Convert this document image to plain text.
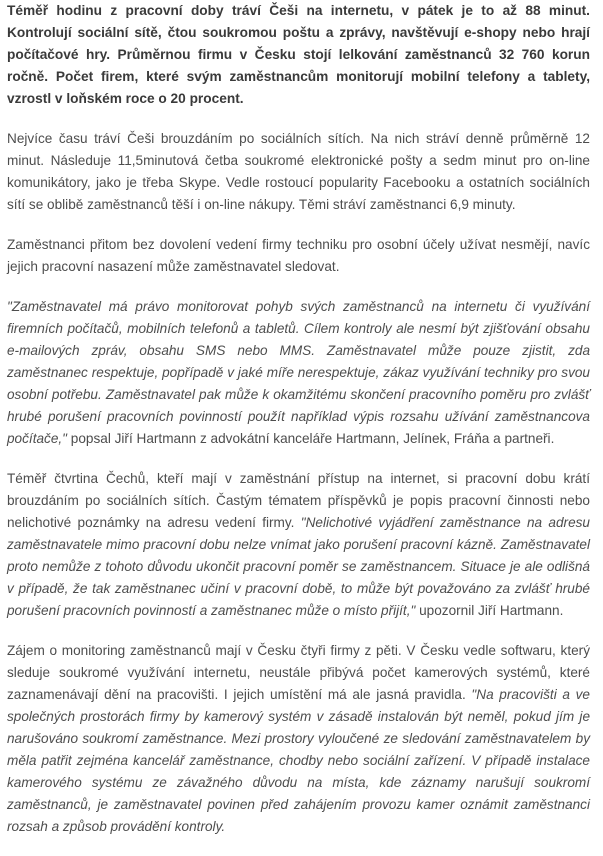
Téměř hodinu z pracovní doby tráví Češi na internetu, v pátek je to až 88 minut. Kontrolují sociální sítě, čtou soukromou poštu a zprávy, navštěvují e-shopy nebo hrají počítačové hry. Průměrnou firmu v Česku stojí lelkování zaměstnanců 32 760 korun ročně. Počet firem, které svým zaměstnancům monitorují mobilní telefony a tablety, vzrostl v loňském roce o 20 procent.

Nejvíce času tráví Češi brouzdáním po sociálních sítích. Na nich stráví denně průměrně 12 minut. Následuje 11,5minutová četba soukromé elektronické pošty a sedm minut pro on-line komunikátory, jako je třeba Skype. Vedle rostoucí popularity Facebooku a ostatních sociálních sítí se oblibě zaměstnanců těší i on-line nákupy. Těmi stráví zaměstnanci 6,9 minuty.

Zaměstnanci přitom bez dovolení vedení firmy techniku pro osobní účely užívat nesmějí, navíc jejich pracovní nasazení může zaměstnavatel sledovat.

"Zaměstnavatel má právo monitorovat pohyb svých zaměstnanců na internetu či využívání firemních počítačů, mobilních telefonů a tabletů. Cílem kontroly ale nesmí být zjišťování obsahu e-mailových zpráv, obsahu SMS nebo MMS. Zaměstnavatel může pouze zjistit, zda zaměstnanec respektuje, popřípadě v jaké míře nerespektuje, zákaz využívání techniky pro svou osobní potřebu. Zaměstnavatel pak může k okamžitému skončení pracovního poměru pro zvlášť hrubé porušení pracovních povinností použít například výpis rozsahu užívání zaměstnancova počítače," popsal Jiří Hartmann z advokátní kanceláře Hartmann, Jelínek, Fráňa a partneři.

Téměř čtvrtina Čechů, kteří mají v zaměstnání přístup na internet, si pracovní dobu krátí brouzdáním po sociálních sítích. Častým tématem příspěvků je popis pracovní činnosti nebo nelichotivé poznámky na adresu vedení firmy. "Nelichotivé vyjádření zaměstnance na adresu zaměstnavatele mimo pracovní dobu nelze vnímat jako porušení pracovní kázně. Zaměstnavatel proto nemůže z tohoto důvodu ukončit pracovní poměr se zaměstnancem. Situace je ale odlišná v případě, že tak zaměstnanec učiní v pracovní době, to může být považováno za zvlášť hrubé porušení pracovních povinností a zaměstnanec může o místo přijít," upozornil Jiří Hartmann.

Zájem o monitoring zaměstnanců mají v Česku čtyři firmy z pěti. V Česku vedle softwaru, který sleduje soukromé využívání internetu, neustále přibývá počet kamerových systémů, které zaznamenávají dění na pracovišti. I jejich umístění má ale jasná pravidla. "Na pracovišti a ve společných prostorách firmy by kamerový systém v zásadě instalován být neměl, pokud jím je narušováno soukromí zaměstnance. Mezi prostory vyloučené ze sledování zaměstnavatelem by měla patřit zejména kancelář zaměstnance, chodby nebo sociální zařízení. V případě instalace kamerového systému ze závažného důvodu na místa, kde záznamy narušují soukromí zaměstnanců, je zaměstnavatel povinen před zahájením provozu kamer oznámit zaměstnanci rozsah a způsob provádění kontroly.
